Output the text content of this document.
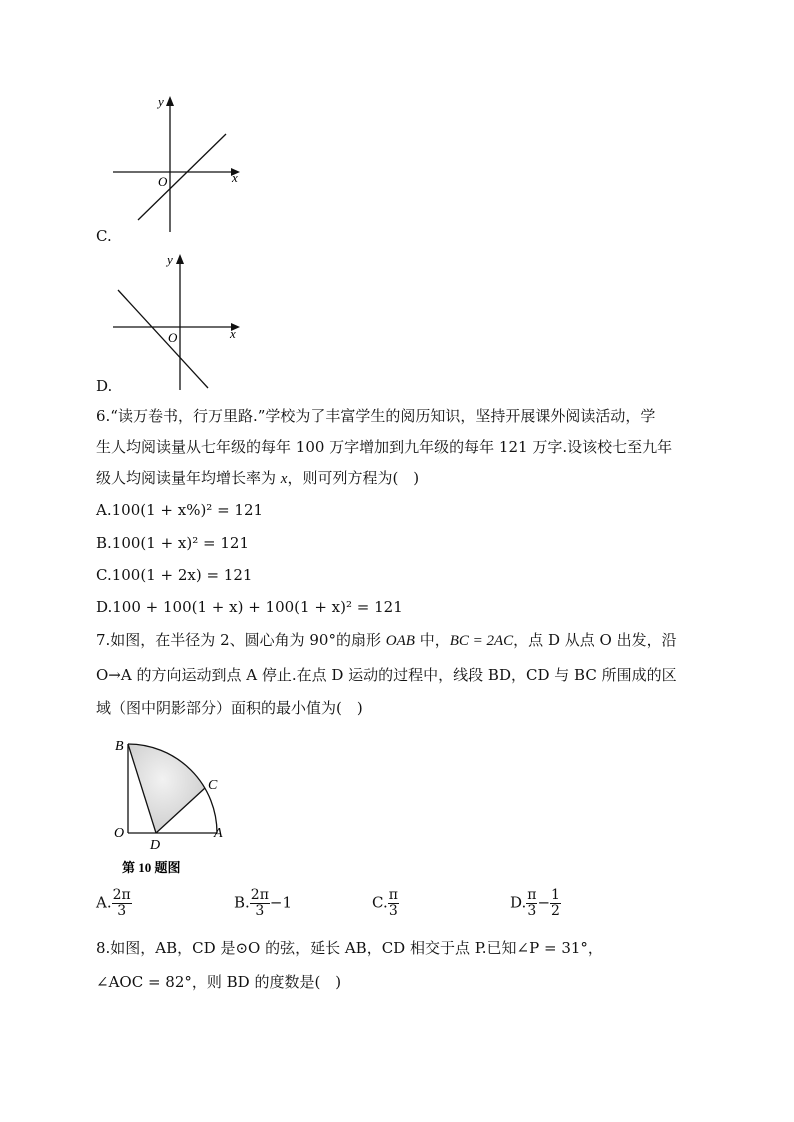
y
x
O
C.
y
x
O
D.
6.“读万卷书，行万里路.”学校为了丰富学生的阅历知识，坚持开展课外阅读活动，学
生人均阅读量从七年级的每年 100 万字增加到九年级的每年 121 万字.设该校七至九年
级人均阅读量年均增长率为 x，则可列方程为(　)
A.100(1 + x%)² = 121
B.100(1 + x)² = 121
C.100(1 + 2x) = 121
D.100 + 100(1 + x) + 100(1 + x)² = 121
7.如图，在半径为 2、圆心角为 90°的扇形 OAB 中，BC = 2AC，点 D 从点 O 出发，沿
O→A 的方向运动到点 A 停止.在点 D 运动的过程中，线段 BD，CD 与 BC 所围成的区
域（图中阴影部分）面积的最小值为(　)
B
C
O
D
A
第 10 题图
A. $\frac{2\pi}{3}$	B. $\frac{2\pi}{3} -1$	C. $\frac{\pi}{3}$	D. $\frac{\pi}{3} - \frac{1}{2}$
8.如图，AB，CD 是⊙O 的弦，延长 AB，CD 相交于点 P.已知∠P = 31°，
∠AOC = 82°，则 BD 的度数是(　)
